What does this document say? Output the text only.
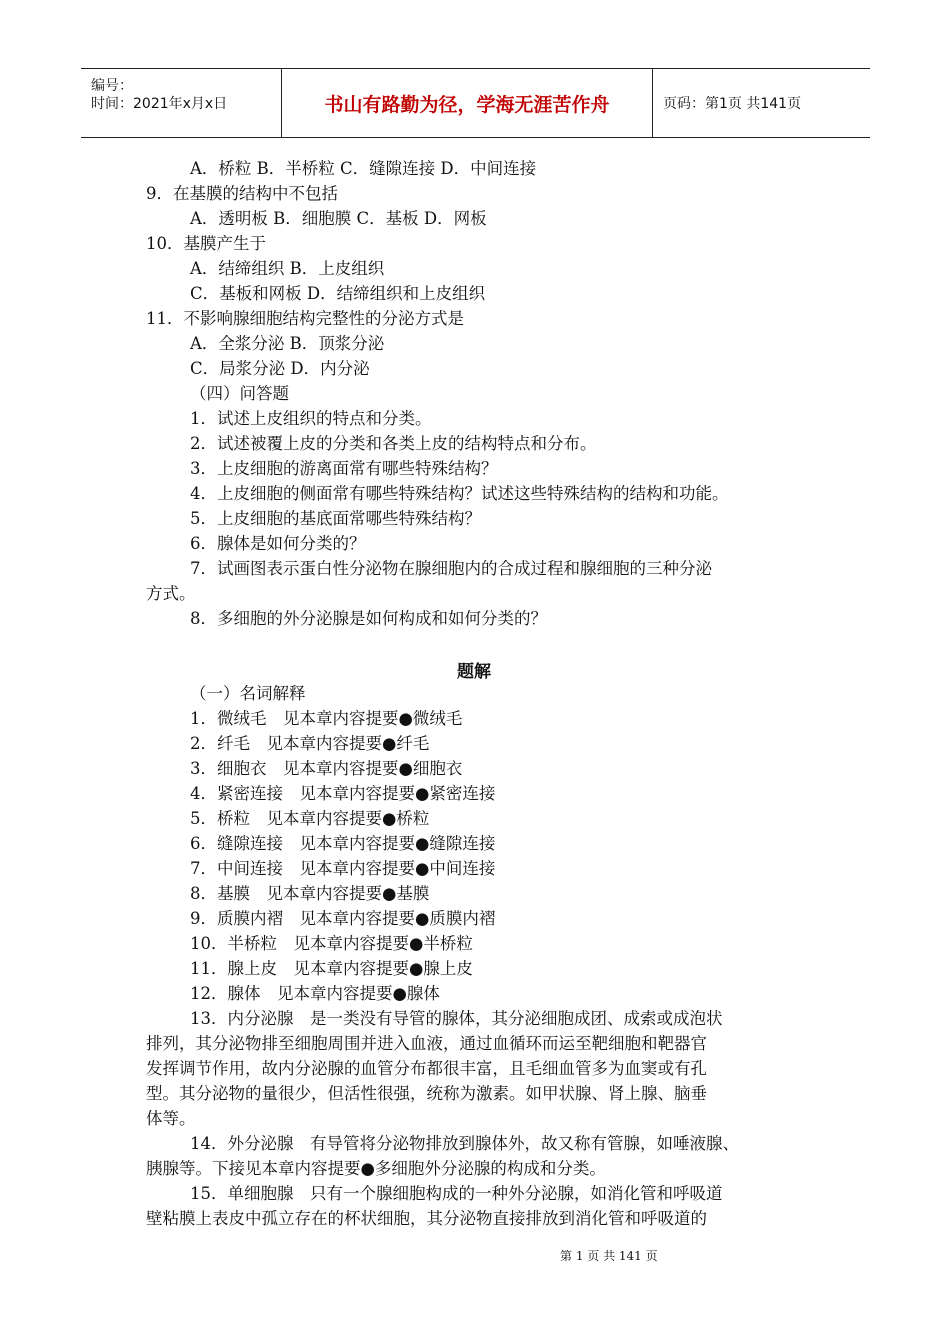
编号：
时间：2021年x月x日	书山有路勤为径，学海无涯苦作舟	页码：第1页 共141页
A．桥粒 B．半桥粒 C．缝隙连接 D．中间连接
9．在基膜的结构中不包括
A．透明板 B．细胞膜 C．基板 D．网板
10．基膜产生于
A．结缔组织 B．上皮组织
C．基板和网板 D．结缔组织和上皮组织
11．不影响腺细胞结构完整性的分泌方式是
A．全浆分泌 B．顶浆分泌
C．局浆分泌 D．内分泌
（四）问答题
1．试述上皮组织的特点和分类。
2．试述被覆上皮的分类和各类上皮的结构特点和分布。
3．上皮细胞的游离面常有哪些特殊结构？
4．上皮细胞的侧面常有哪些特殊结构？试述这些特殊结构的结构和功能。
5．上皮细胞的基底面常哪些特殊结构？
6．腺体是如何分类的？
7．试画图表示蛋白性分泌物在腺细胞内的合成过程和腺细胞的三种分泌
方式。
8．多细胞的外分泌腺是如何构成和如何分类的？
题解
（一）名词解释
1．微绒毛　见本章内容提要●微绒毛
2．纤毛　见本章内容提要●纤毛
3．细胞衣　见本章内容提要●细胞衣
4．紧密连接　见本章内容提要●紧密连接
5．桥粒　见本章内容提要●桥粒
6．缝隙连接　见本章内容提要●缝隙连接
7．中间连接　见本章内容提要●中间连接
8．基膜　见本章内容提要●基膜
9．质膜内褶　见本章内容提要●质膜内褶
10．半桥粒　见本章内容提要●半桥粒
11．腺上皮　见本章内容提要●腺上皮
12．腺体　见本章内容提要●腺体
13．内分泌腺　是一类没有导管的腺体，其分泌细胞成团、成索或成泡状
排列，其分泌物排至细胞周围并进入血液，通过血循环而运至靶细胞和靶器官
发挥调节作用，故内分泌腺的血管分布都很丰富，且毛细血管多为血窦或有孔
型。其分泌物的量很少，但活性很强，统称为激素。如甲状腺、肾上腺、脑垂
体等。
14．外分泌腺　有导管将分泌物排放到腺体外，故又称有管腺，如唾液腺、
胰腺等。下接见本章内容提要●多细胞外分泌腺的构成和分类。
15．单细胞腺　只有一个腺细胞构成的一种外分泌腺，如消化管和呼吸道
壁粘膜上表皮中孤立存在的杯状细胞，其分泌物直接排放到消化管和呼吸道的
第 1 页 共 141 页
